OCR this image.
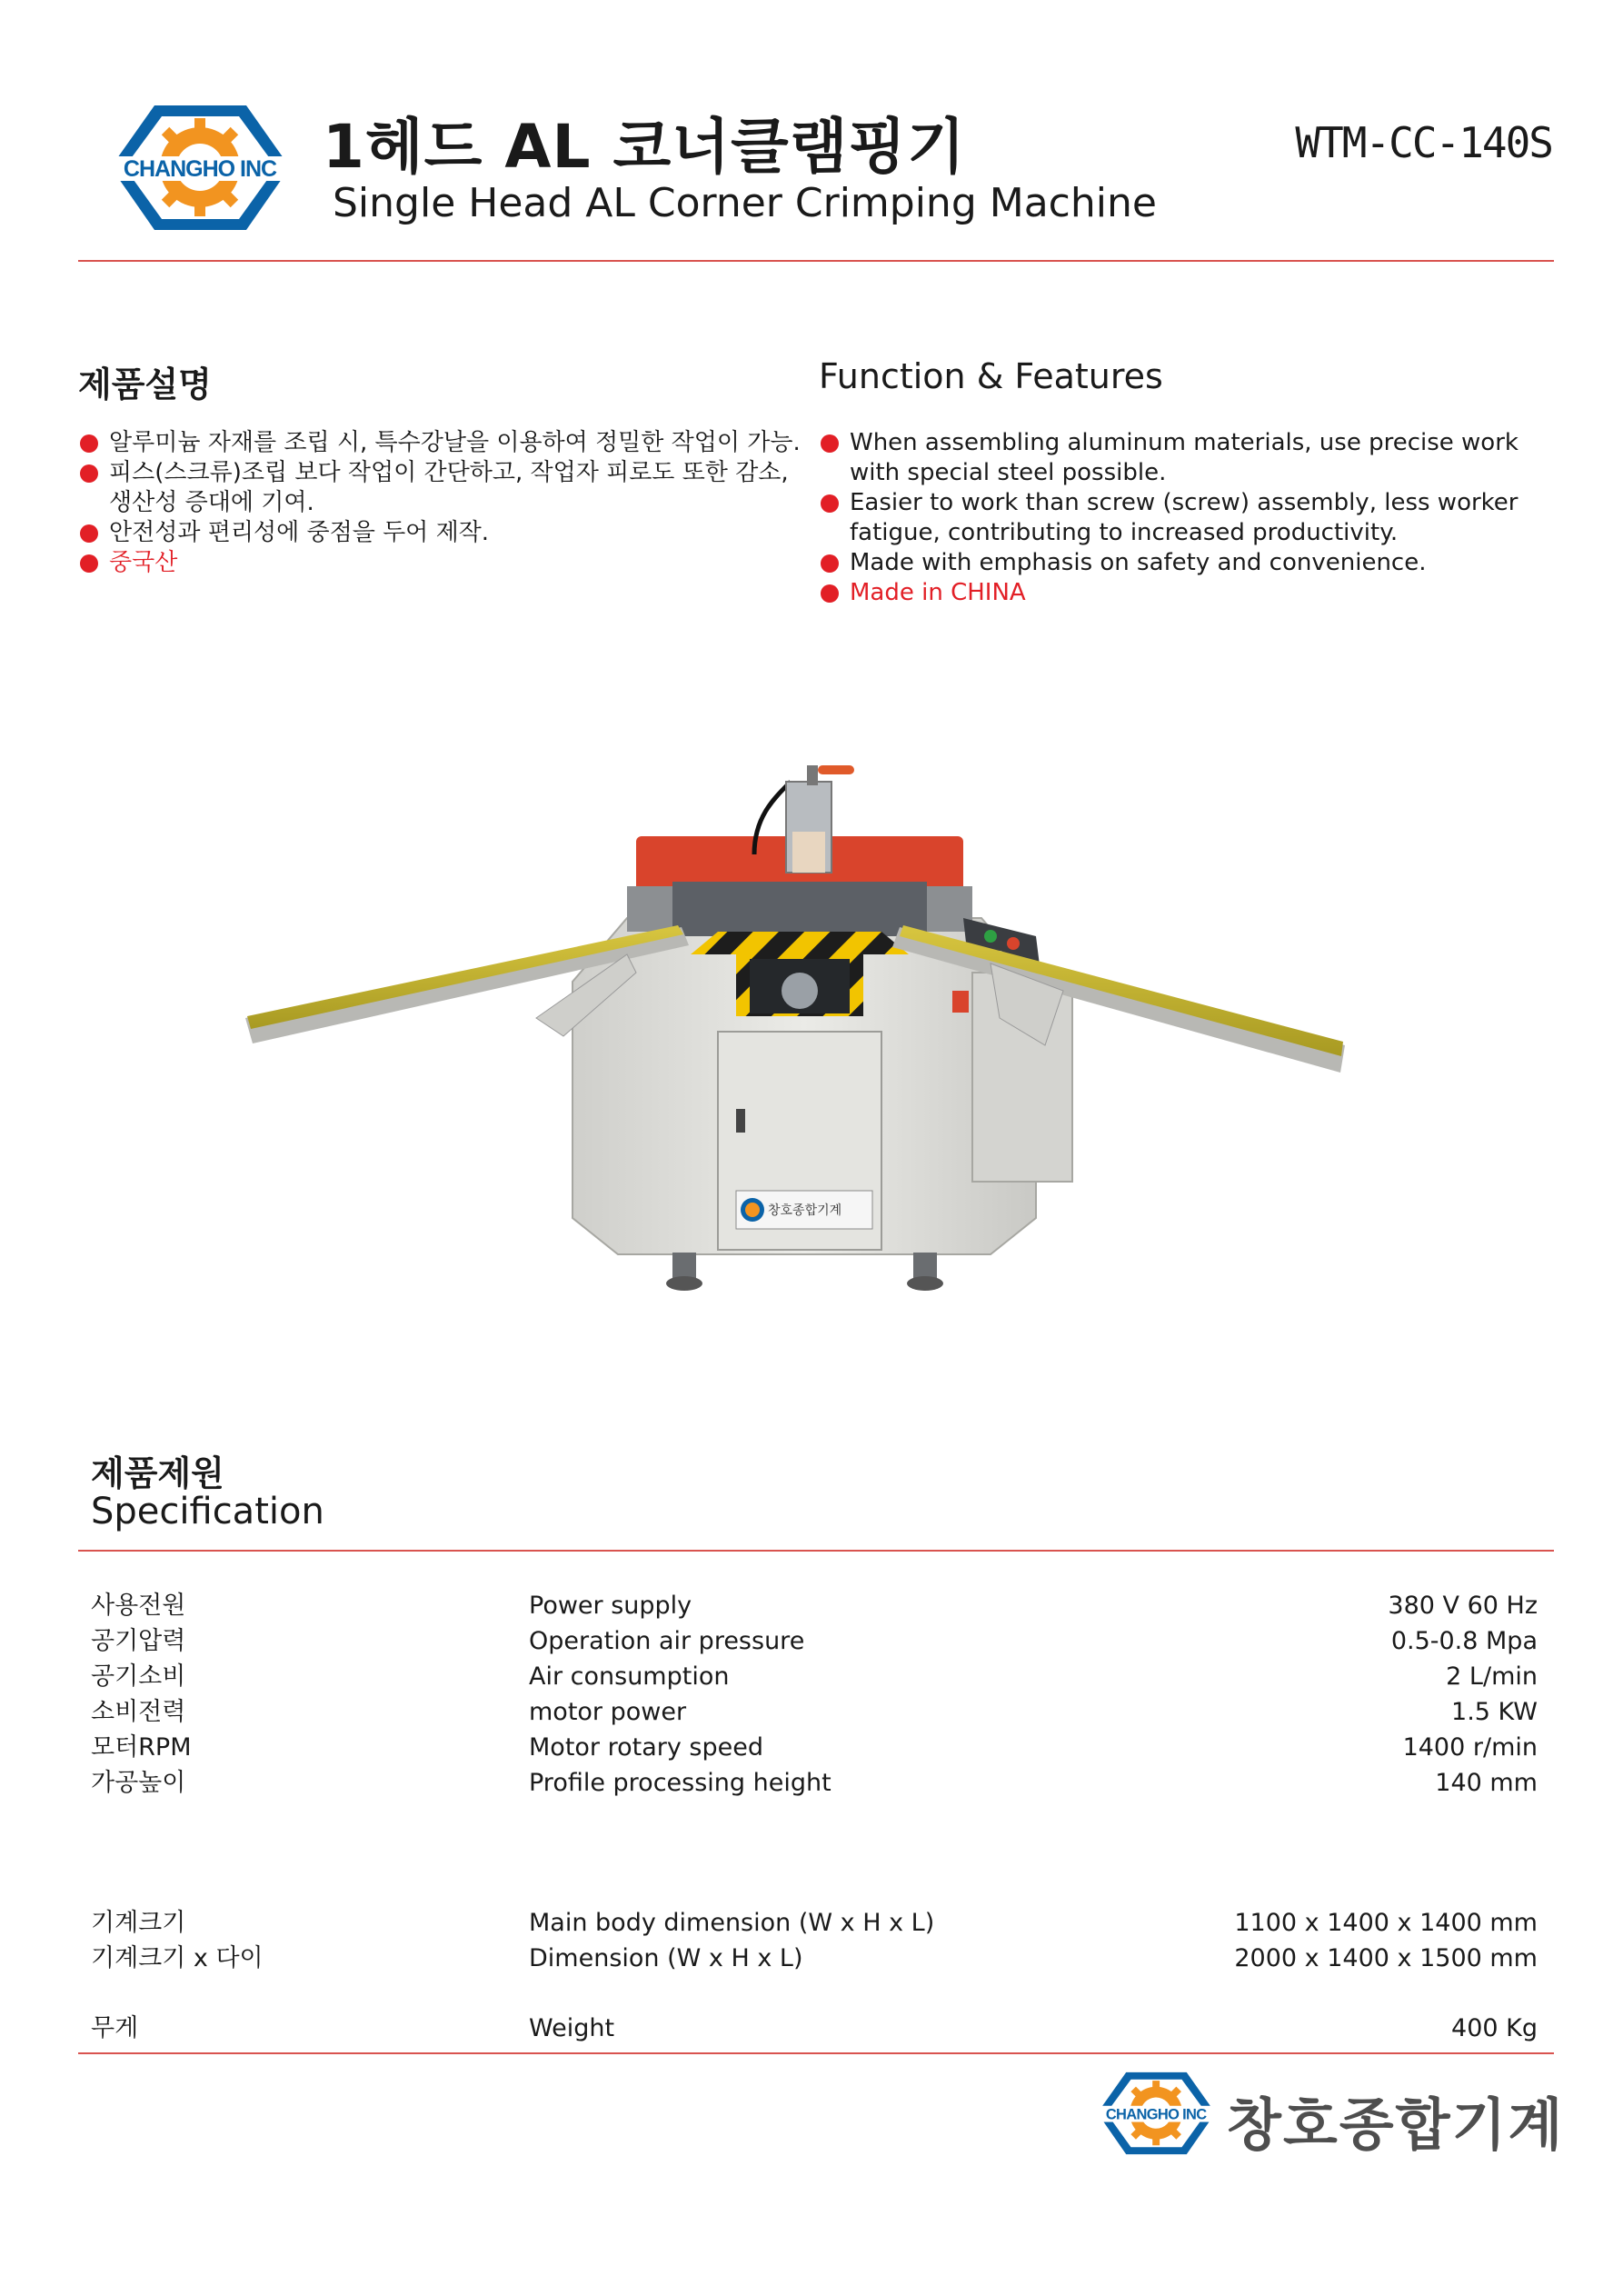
CHANGHO INC 1헤드 AL 코너클램핑기
Single Head AL Corner Crimping Machine
WTM-CC-140S
제품설명	Function & Features
알루미늄 자재를 조립 시, 특수강날을 이용하여 정밀한 작업이 가능.
피스(스크류)조립 보다 작업이 간단하고, 작업자 피로도 또한 감소, 생산성 증대에 기여.
안전성과 편리성에 중점을 두어 제작.
중국산
When assembling aluminum materials, use precise work with special steel possible.
Easier to work than screw (screw) assembly, less worker fatigue, contributing to increased productivity.
Made with emphasis on safety and convenience.
Made in CHINA
창호종합기계
제품제원
Specification
사용전원	Power supply	380 V 60 Hz
공기압력	Operation air pressure	0.5-0.8 Mpa
공기소비	Air consumption	2 L/min
소비전력	motor power	1.5 KW
모터RPM	Motor rotary speed	1400 r/min
가공높이	Profile processing height	140 mm
기계크기	Main body dimension (W x H x L)	1100 x 1400 x 1400 mm
기계크기 x 다이	Dimension (W x H x L)	2000 x 1400 x 1500 mm
무게	Weight	400 Kg
CHANGHO INC 창호종합기계
